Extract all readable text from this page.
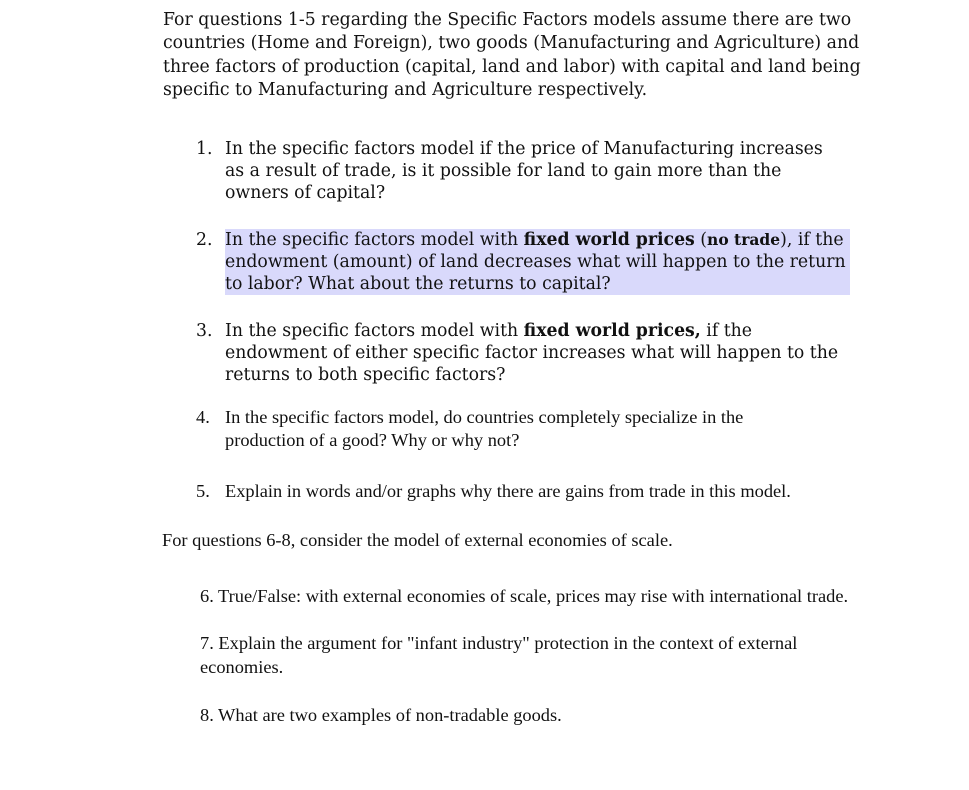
For questions 1-5 regarding the Specific Factors models assume there are two countries (Home and Foreign), two goods (Manufacturing and Agriculture) and three factors of production (capital, land and labor) with capital and land being specific to Manufacturing and Agriculture respectively.

1. In the specific factors model if the price of Manufacturing increases as a result of trade, is it possible for land to gain more than the owners of capital?
2. In the specific factors model with fixed world prices (no trade), if the endowment (amount) of land decreases what will happen to the return to labor? What about the returns to capital?
3. In the specific factors model with fixed world prices, if the endowment of either specific factor increases what will happen to the returns to both specific factors?
4. In the specific factors model, do countries completely specialize in the production of a good? Why or why not?
5. Explain in words and/or graphs why there are gains from trade in this model.

For questions 6-8, consider the model of external economies of scale.

6. True/False: with external economies of scale, prices may rise with international trade.

7. Explain the argument for "infant industry" protection in the context of external economies.

8. What are two examples of non-tradable goods.
